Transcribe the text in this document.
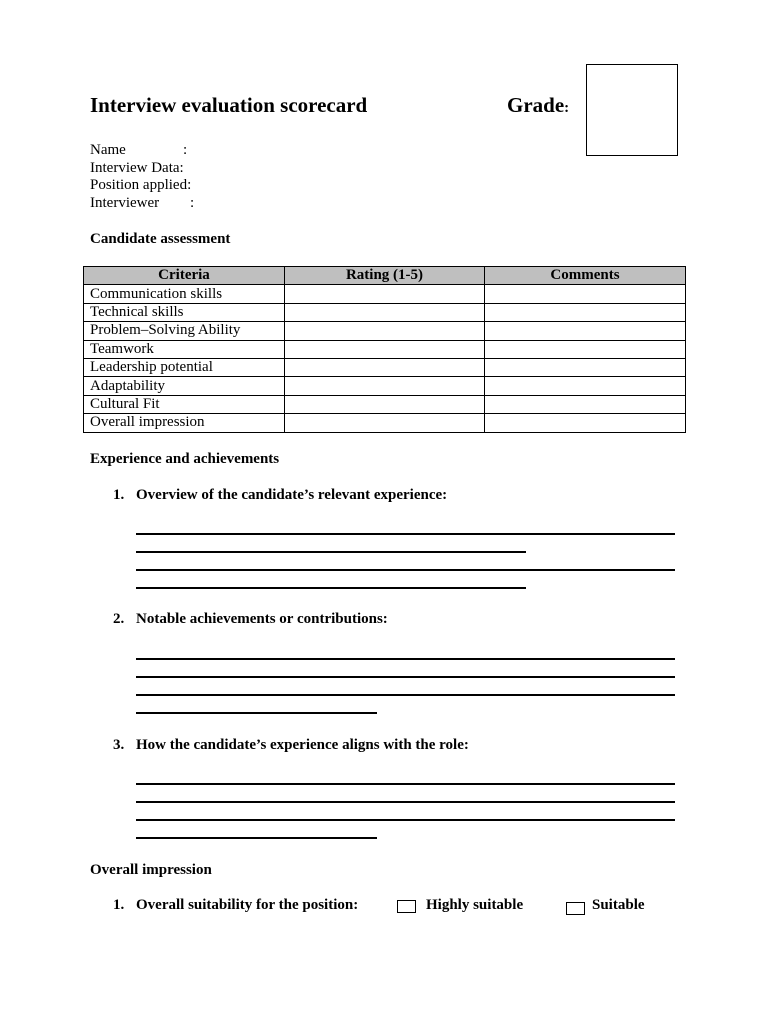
Interview evaluation scorecard	Grade:
Name	:
Interview Data:
Position applied:
Interviewer :
Candidate assessment
Criteria	Rating (1-5)	Comments
Communication skills		
Technical skills		
Problem–Solving Ability		
Teamwork		
Leadership potential		
Adaptability		
Cultural Fit		
Overall impression		
Experience and achievements
1. Overview of the candidate’s relevant experience:
2. Notable achievements or contributions:
3. How the candidate’s experience aligns with the role:
Overall impression
1. Overall suitability for the position:	Highly suitable	Suitable
